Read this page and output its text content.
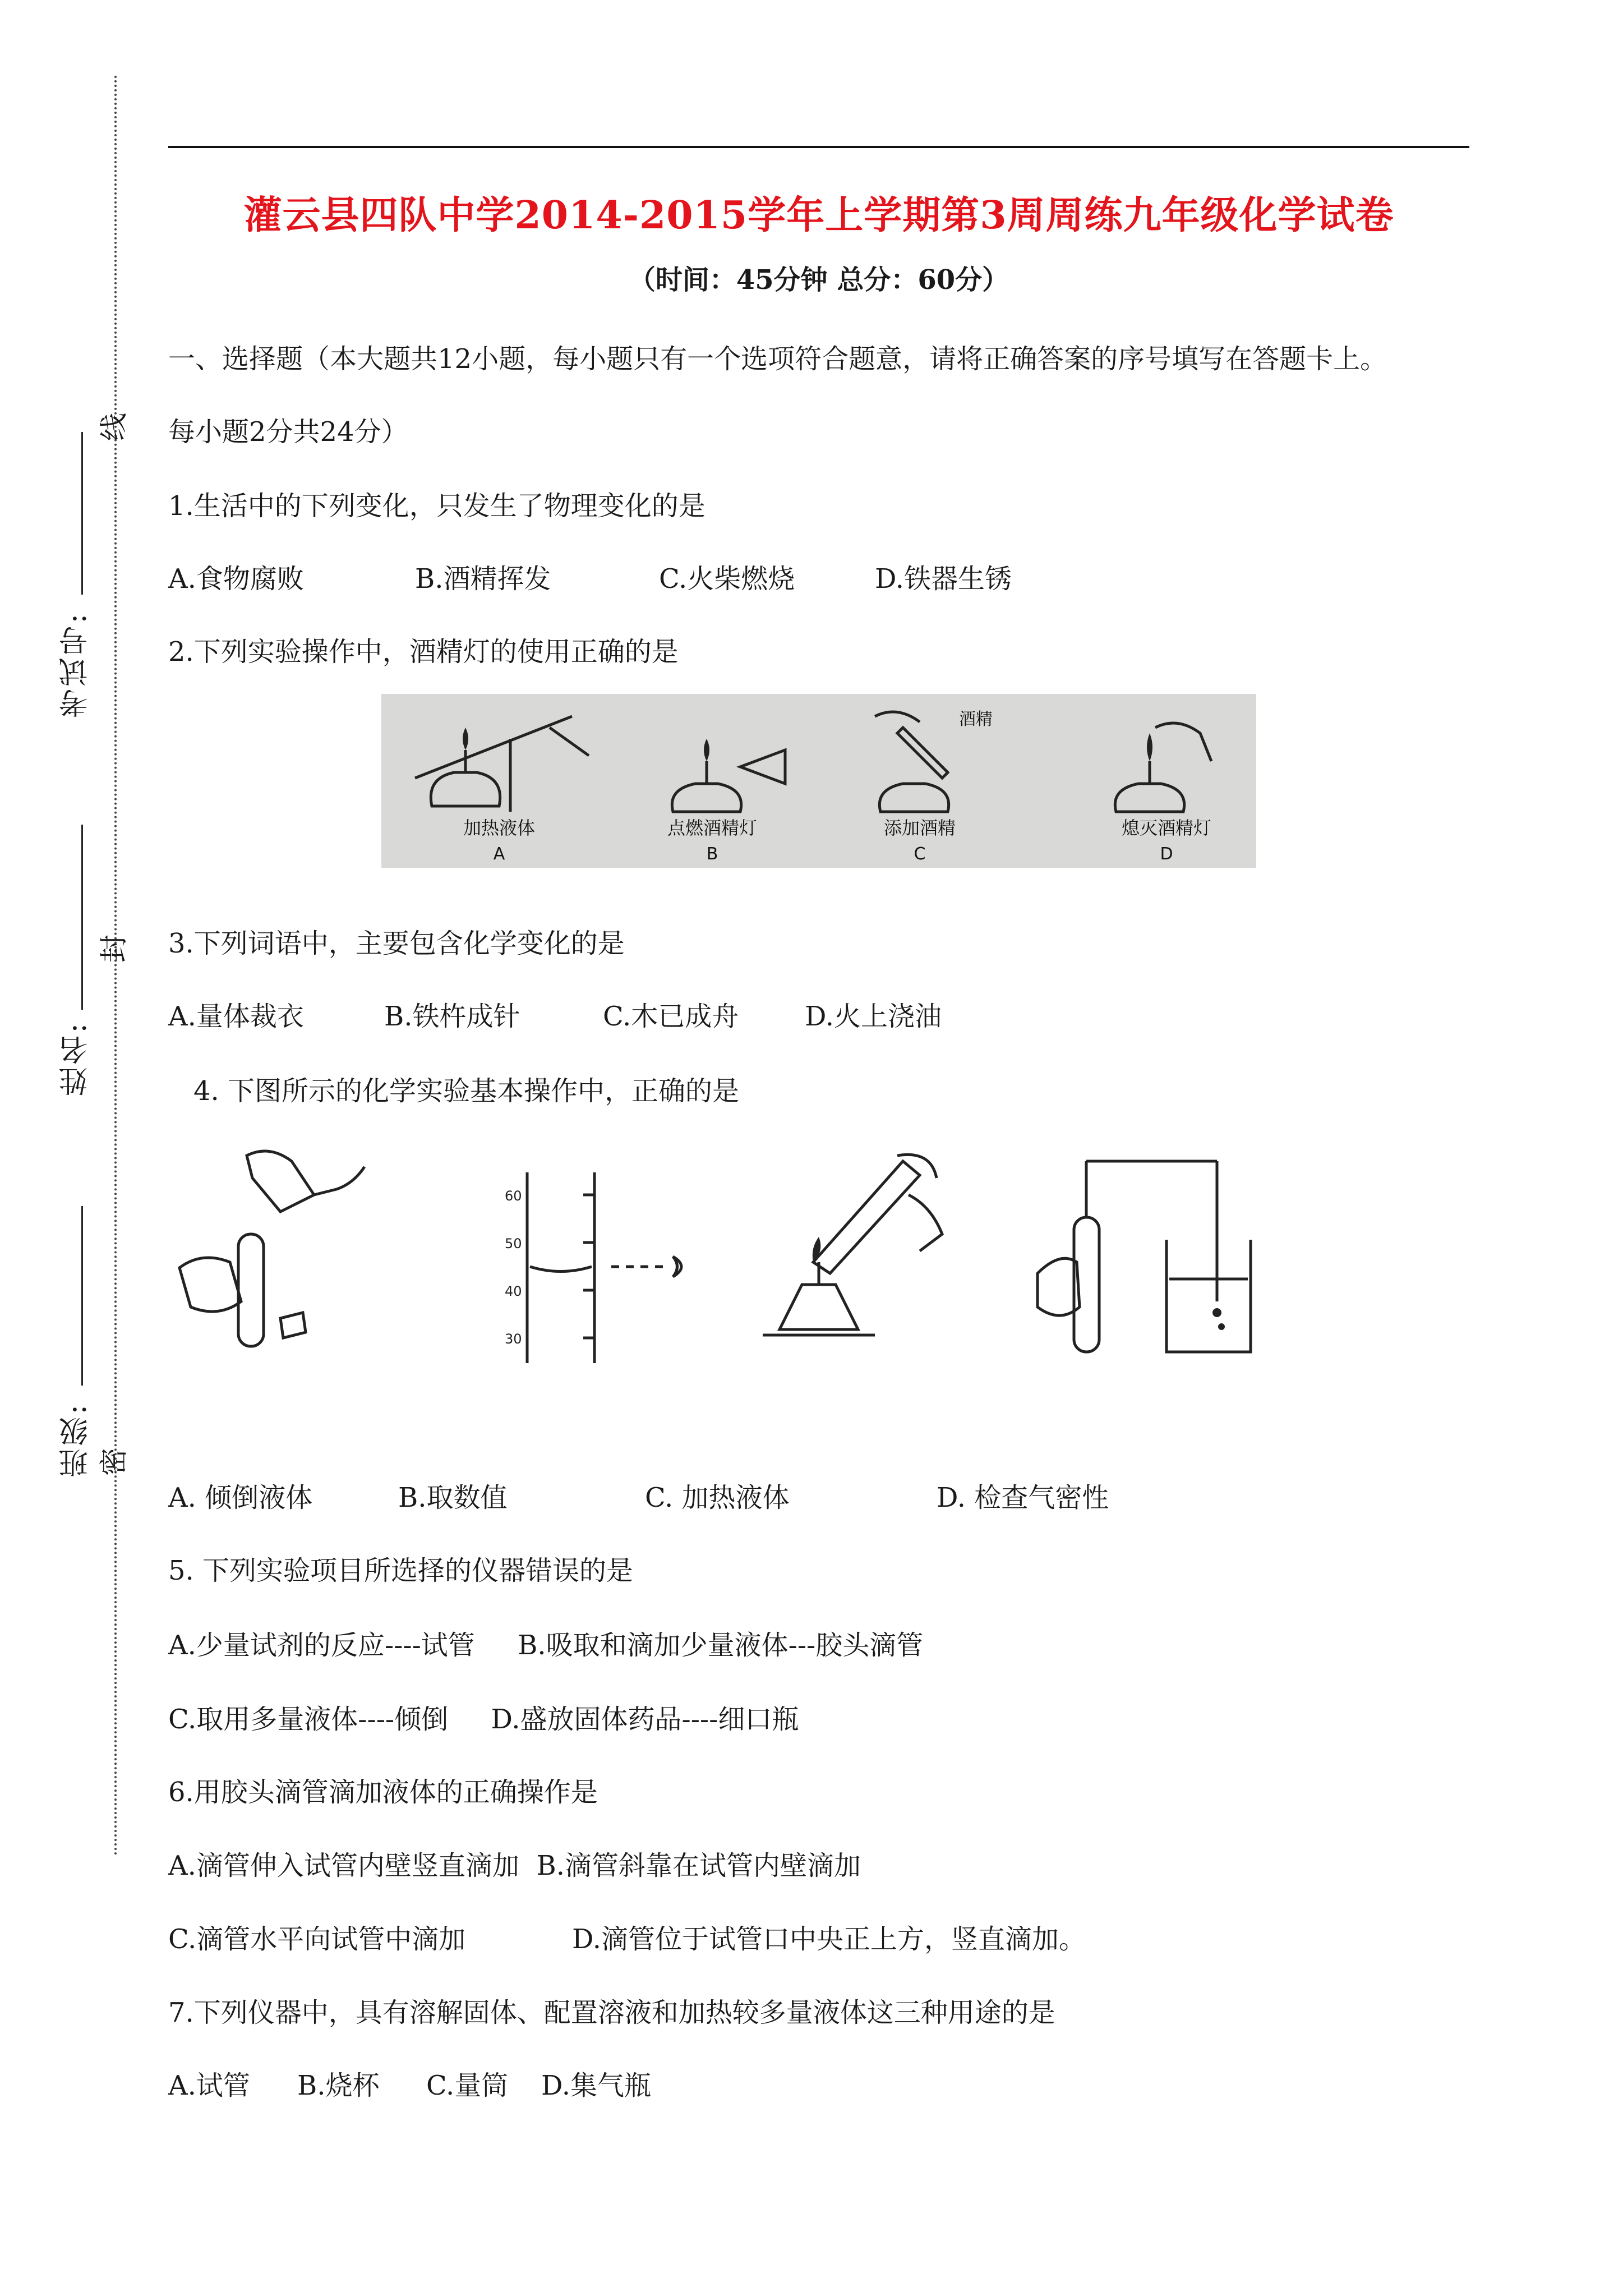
考试号:
姓名:
班级:
线
封
密
灌云县四队中学2014-2015学年上学期第3周周练九年级化学试卷
（时间：45分钟 总分：60分）
一、选择题（本大题共12小题，每小题只有一个选项符合题意，请将正确答案的序号填写在答题卡上。
每小题2分共24分）
1.生活中的下列变化，只发生了物理变化的是
A.食物腐败	B.酒精挥发	C.火柴燃烧	D.铁器生锈
2.下列实验操作中，酒精灯的使用正确的是
加热液体	点燃酒精灯	添加酒精	熄灭酒精灯
A	B	C	D
酒精
3.下列词语中，主要包含化学变化的是
A.量体裁衣	B.铁杵成针	C.木已成舟 D.火上浇油
4. 下图所示的化学实验基本操作中，正确的是
60
50
40
30
A. 倾倒液体	B.取数值	C. 加热液体	D. 检查气密性
5. 下列实验项目所选择的仪器错误的是
A.少量试剂的反应----试管     B.吸取和滴加少量液体---胶头滴管
C.取用多量液体----倾倒     D.盛放固体药品----细口瓶
6.用胶头滴管滴加液体的正确操作是
A.滴管伸入试管内壁竖直滴加  B.滴管斜靠在试管内壁滴加
C.滴管水平向试管中滴加	D.滴管位于试管口中央正上方，竖直滴加。
7.下列仪器中，具有溶解固体、配置溶液和加热较多量液体这三种用途的是
A.试管 B.烧杯 C.量筒 D.集气瓶
